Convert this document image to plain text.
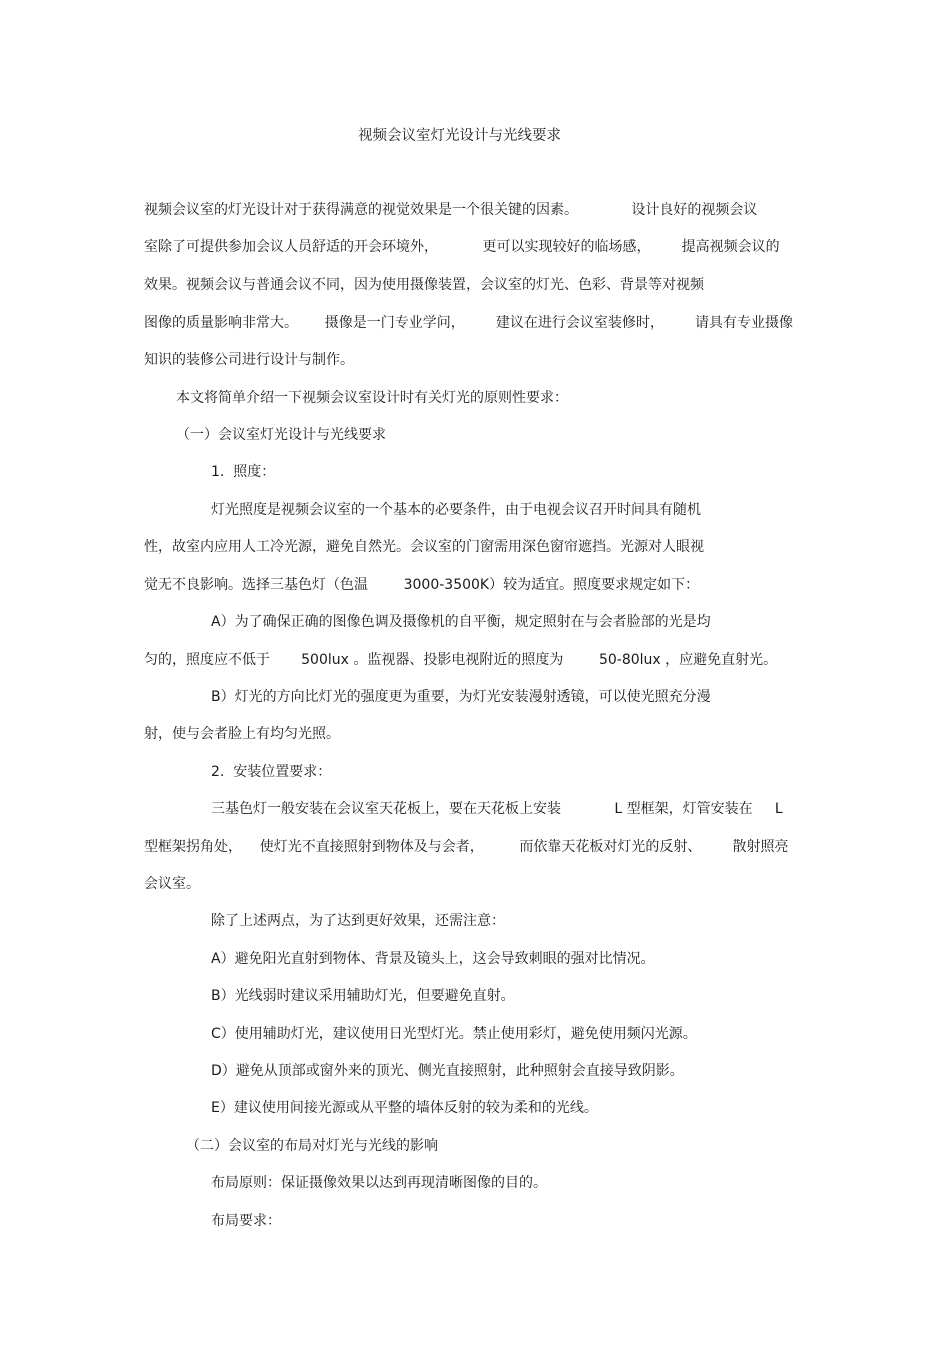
视频会议室灯光设计与光线要求
视频会议室的灯光设计对于获得满意的视觉效果是一个很关键的因素。            设计良好的视频会议
室除了可提供参加会议人员舒适的开会环境外，          更可以实现较好的临场感，       提高视频会议的
效果。视频会议与普通会议不同，因为使用摄像装置，会议室的灯光、色彩、背景等对视频
图像的质量影响非常大。      摄像是一门专业学问，       建议在进行会议室装修时，       请具有专业摄像
知识的装修公司进行设计与制作。
本文将简单介绍一下视频会议室设计时有关灯光的原则性要求：
（一）会议室灯光设计与光线要求
1.  照度：
灯光照度是视频会议室的一个基本的必要条件，由于电视会议召开时间具有随机
性，故室内应用人工冷光源，避免自然光。会议室的门窗需用深色窗帘遮挡。光源对人眼视
觉无不良影响。选择三基色灯（色温        3000-3500K）较为适宜。照度要求规定如下：
A）为了确保正确的图像色调及摄像机的自平衡，规定照射在与会者脸部的光是均
匀的，照度应不低于       500lux 。监视器、投影电视附近的照度为        50-80lux ，应避免直射光。
B）灯光的方向比灯光的强度更为重要，为灯光安装漫射透镜，可以使光照充分漫
射，使与会者脸上有均匀光照。
2.  安装位置要求：
三基色灯一般安装在会议室天花板上，要在天花板上安装            L 型框架，灯管安装在     L
型框架拐角处，    使灯光不直接照射到物体及与会者，        而依靠天花板对灯光的反射、       散射照亮
会议室。
除了上述两点，为了达到更好效果，还需注意：
A）避免阳光直射到物体、背景及镜头上，这会导致刺眼的强对比情况。
B）光线弱时建议采用辅助灯光，但要避免直射。
C）使用辅助灯光，建议使用日光型灯光。禁止使用彩灯，避免使用频闪光源。
D）避免从顶部或窗外来的顶光、侧光直接照射，此种照射会直接导致阴影。
E）建议使用间接光源或从平整的墙体反射的较为柔和的光线。
（二）会议室的布局对灯光与光线的影响
布局原则：保证摄像效果以达到再现清晰图像的目的。
布局要求：
